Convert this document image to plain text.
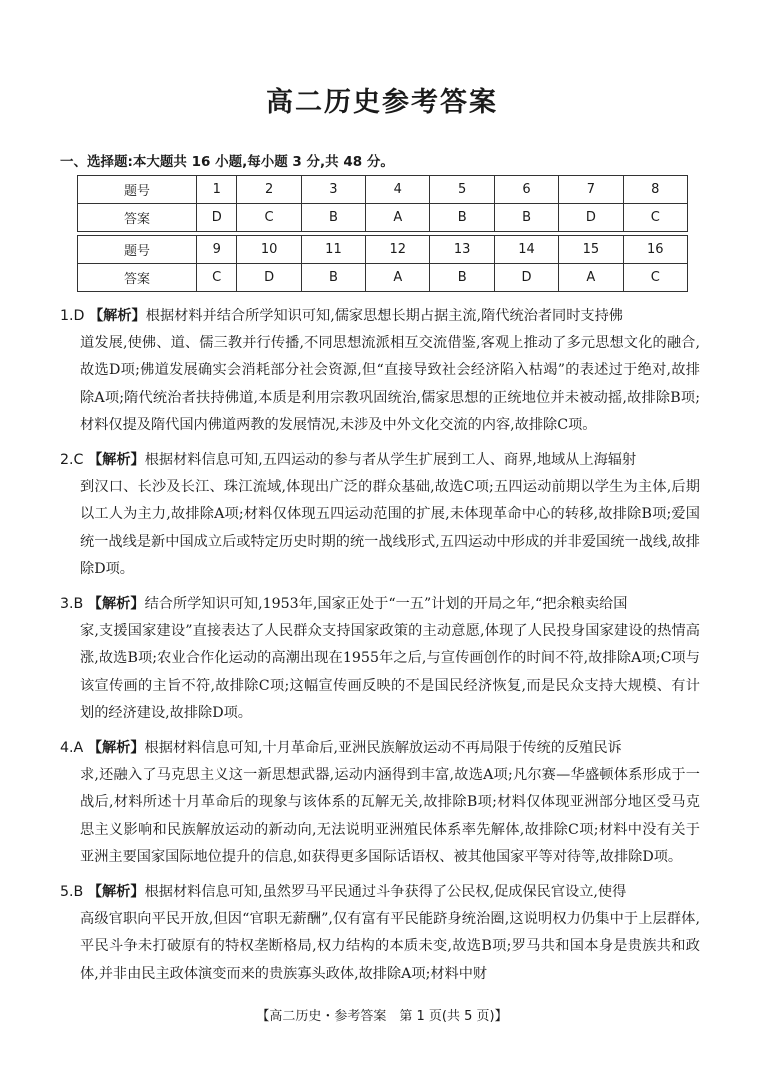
高二历史参考答案
一、选择题:本大题共 16 小题,每小题 3 分,共 48 分。
题号	1	2	3	4	5	6	7	8
答案	D	C	B	A	B	B	D	C

题号	9	10	11	12	13	14	15	16
答案	C	D	B	A	B	D	A	C
1.D 【解析】根据材料并结合所学知识可知,儒家思想长期占据主流,隋代统治者同时支持佛
道发展,使佛、道、儒三教并行传播,不同思想流派相互交流借鉴,客观上推动了多元思想文化的融合,故选D项;佛道发展确实会消耗部分社会资源,但“直接导致社会经济陷入枯竭”的表述过于绝对,故排除A项;隋代统治者扶持佛道,本质是利用宗教巩固统治,儒家思想的正统地位并未被动摇,故排除B项;材料仅提及隋代国内佛道两教的发展情况,未涉及中外文化交流的内容,故排除C项。
2.C 【解析】根据材料信息可知,五四运动的参与者从学生扩展到工人、商界,地域从上海辐射
到汉口、长沙及长江、珠江流域,体现出广泛的群众基础,故选C项;五四运动前期以学生为主体,后期以工人为主力,故排除A项;材料仅体现五四运动范围的扩展,未体现革命中心的转移,故排除B项;爱国统一战线是新中国成立后或特定历史时期的统一战线形式,五四运动中形成的并非爱国统一战线,故排除D项。
3.B 【解析】结合所学知识可知,1953年,国家正处于“一五”计划的开局之年,“把余粮卖给国
家,支援国家建设”直接表达了人民群众支持国家政策的主动意愿,体现了人民投身国家建设的热情高涨,故选B项;农业合作化运动的高潮出现在1955年之后,与宣传画创作的时间不符,故排除A项;C项与该宣传画的主旨不符,故排除C项;这幅宣传画反映的不是国民经济恢复,而是民众支持大规模、有计划的经济建设,故排除D项。
4.A 【解析】根据材料信息可知,十月革命后,亚洲民族解放运动不再局限于传统的反殖民诉
求,还融入了马克思主义这一新思想武器,运动内涵得到丰富,故选A项;凡尔赛—华盛顿体系形成于一战后,材料所述十月革命后的现象与该体系的瓦解无关,故排除B项;材料仅体现亚洲部分地区受马克思主义影响和民族解放运动的新动向,无法说明亚洲殖民体系率先解体,故排除C项;材料中没有关于亚洲主要国家国际地位提升的信息,如获得更多国际话语权、被其他国家平等对待等,故排除D项。
5.B 【解析】根据材料信息可知,虽然罗马平民通过斗争获得了公民权,促成保民官设立,使得
高级官职向平民开放,但因“官职无薪酬”,仅有富有平民能跻身统治圈,这说明权力仍集中于上层群体,平民斗争未打破原有的特权垄断格局,权力结构的本质未变,故选B项;罗马共和国本身是贵族共和政体,并非由民主政体演变而来的贵族寡头政体,故排除A项;材料中财
【高二历史・参考答案　第 1 页(共 5 页)】
